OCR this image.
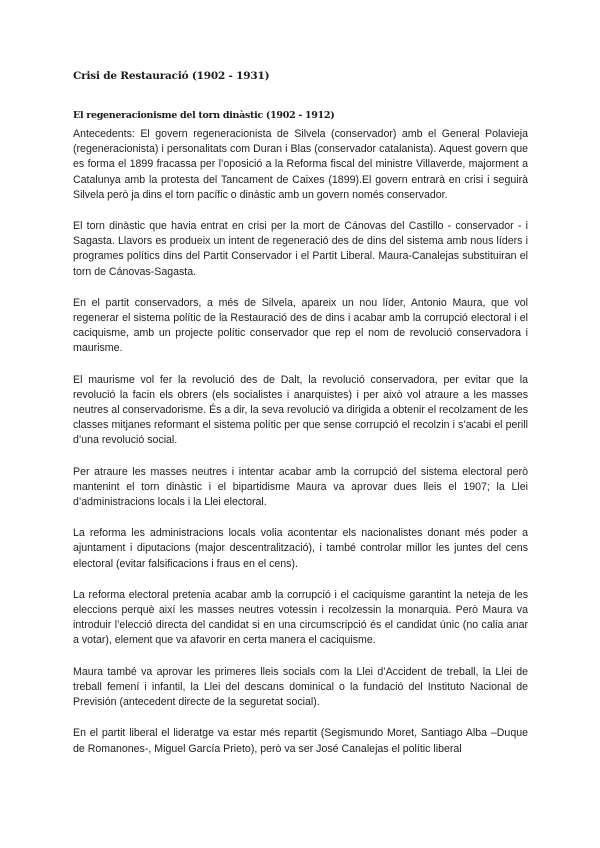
Crisi de Restauració (1902 - 1931)
El regeneracionisme del torn dinàstic (1902 - 1912)

Antecedents: El govern regeneracionista de Silvela (conservador) amb el General Polavieja (regeneracionista) i personalitats com Duran i Blas (conservador catalanista). Aquest govern que es forma el 1899 fracassa per l’oposició a la Reforma fiscal del ministre Villaverde, majorment a Catalunya amb la protesta del Tancament de Caixes (1899).El govern entrarà en crisi i seguirà Silvela però ja dins el torn pacífic o dinàstic amb un govern només conservador.

El torn dinàstic que havia entrat en crisi per la mort de Cánovas del Castillo - conservador - i Sagasta. Llavors es produeix un intent de regeneració des de dins del sistema amb nous líders i programes polítics dins del Partit Conservador i el Partit Liberal. Maura-Canalejas substituiran el torn de Cánovas-Sagasta.

En el partit conservadors, a més de Silvela, apareix un nou líder, Antonio Maura, que vol regenerar el sistema polític de la Restauració des de dins i acabar amb la corrupció electoral i el caciquisme, amb un projecte polític conservador que rep el nom de revolució conservadora i maurisme.

El maurisme vol fer la revolució des de Dalt, la revolució conservadora, per evitar que la revolució la facin els obrers (els socialistes i anarquistes) i per això vol atraure a les masses neutres al conservadorisme. És a dir, la seva revolució va dirigida a obtenir el recolzament de les classes mitjanes reformant el sistema polític per que sense corrupció el recolzin i s’acabi el perill d’una revolució social.

Per atraure les masses neutres i intentar acabar amb la corrupció del sistema electoral però mantenint el torn dinàstic i el bipartidisme Maura va aprovar dues lleis el 1907; la Llei d’administracions locals i la Llei electoral.

La reforma les administracions locals volia acontentar els nacionalistes donant més poder a ajuntament i diputacions (major descentralització), i també controlar millor les juntes del cens electoral (evitar falsificacions i fraus en el cens).

La reforma electoral pretenia acabar amb la corrupció i el caciquisme garantint la neteja de les eleccions perquè així les masses neutres votessin i recolzessin la monarquia. Però Maura va introduir l’elecció directa del candidat si en una circumscripció és el candidat únic (no calia anar a votar), element que va afavorir en certa manera el caciquisme.

Maura també va aprovar les primeres lleis socials com la Llei d’Accident de treball, la Llei de treball femení i infantil, la Llei del descans dominical o la fundació del Instituto Nacional de Previsión (antecedent directe de la seguretat social).

En el partit liberal el lideratge va estar més repartit (Segismundo Moret, Santiago Alba –Duque de Romanones-, Miguel García Prieto), però va ser José Canalejas el polític liberal
